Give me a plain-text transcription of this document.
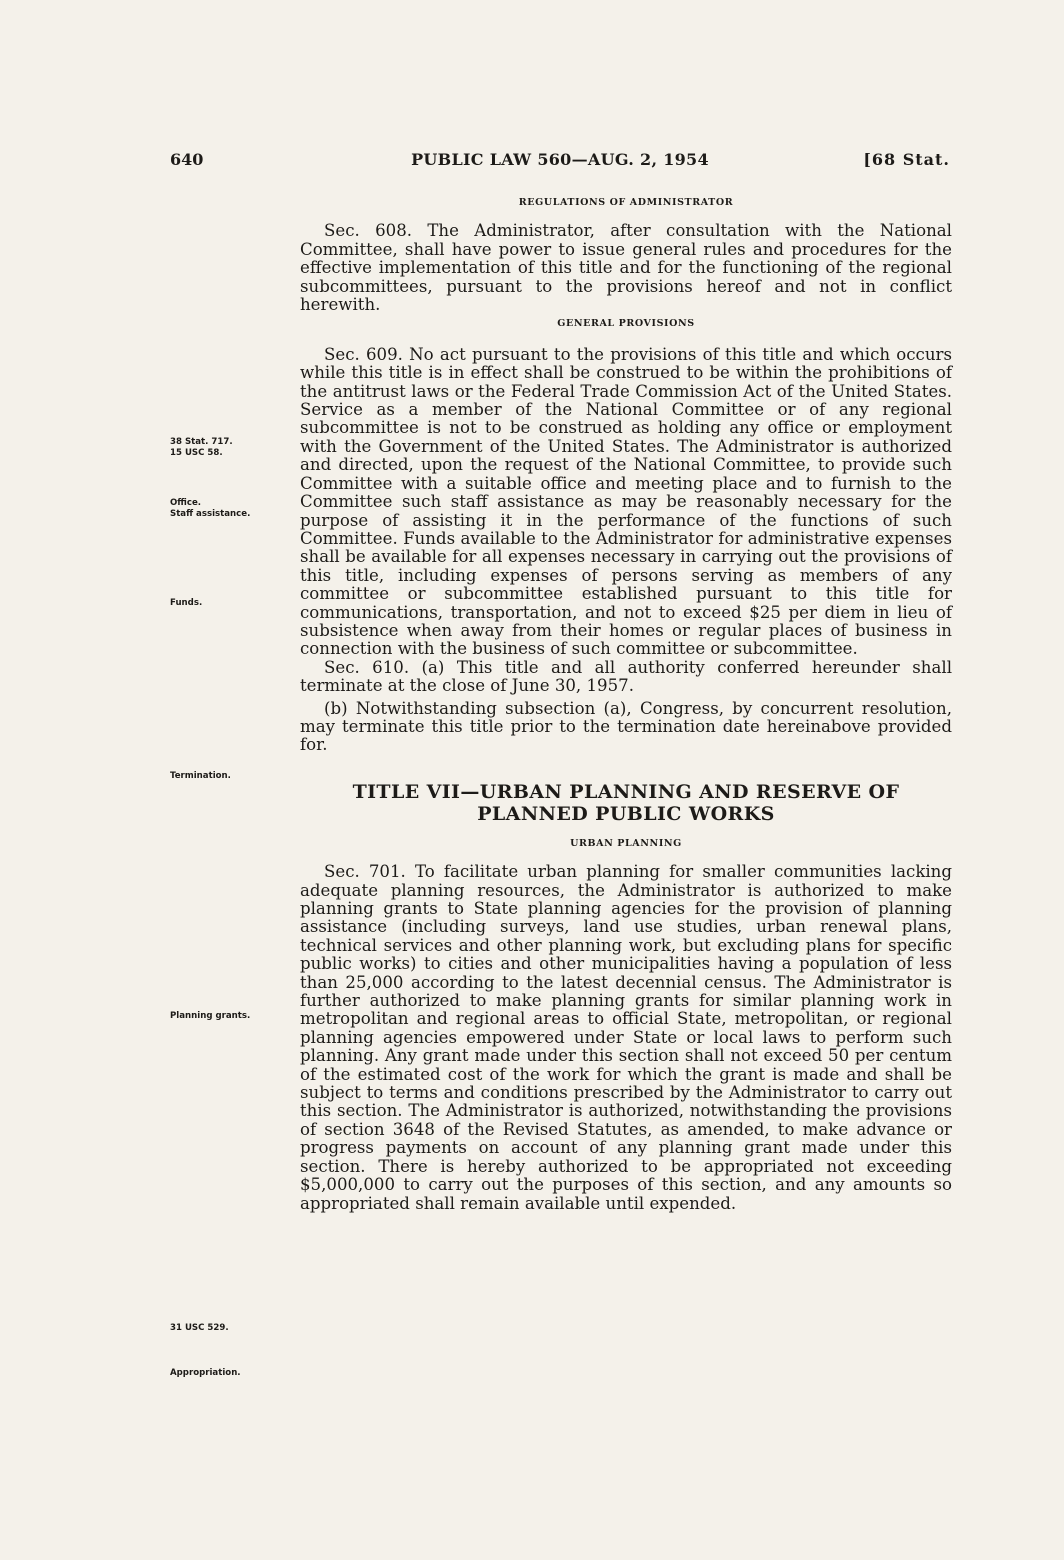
640	PUBLIC LAW 560—AUG. 2, 1954	[68 Stat.
38 Stat. 717.
15 USC 58.
Office.
Staff assistance.
Funds.
Termination.
Planning grants.
31 USC 529.
Appropriation.
REGULATIONS OF ADMINISTRATOR

Sec. 608. The Administrator, after consultation with the National Committee, shall have power to issue general rules and procedures for the effective implementation of this title and for the functioning of the regional subcommittees, pursuant to the provisions hereof and not in conflict herewith.

GENERAL PROVISIONS

Sec. 609. No act pursuant to the provisions of this title and which occurs while this title is in effect shall be construed to be within the prohibitions of the antitrust laws or the Federal Trade Commission Act of the United States. Service as a member of the National Committee or of any regional subcommittee is not to be construed as holding any office or employment with the Government of the United States. The Administrator is authorized and directed, upon the request of the National Committee, to provide such Committee with a suitable office and meeting place and to furnish to the Committee such staff assistance as may be reasonably necessary for the purpose of assisting it in the performance of the functions of such Committee. Funds available to the Administrator for administrative expenses shall be available for all expenses necessary in carrying out the provisions of this title, including expenses of persons serving as members of any committee or subcommittee established pursuant to this title for communications, transportation, and not to exceed $25 per diem in lieu of subsistence when away from their homes or regular places of business in connection with the business of such committee or subcommittee.

Sec. 610. (a) This title and all authority conferred hereunder shall terminate at the close of June 30, 1957.

(b) Notwithstanding subsection (a), Congress, by concurrent resolution, may terminate this title prior to the termination date hereinabove provided for.

TITLE VII—URBAN PLANNING AND RESERVE OF PLANNED PUBLIC WORKS
URBAN PLANNING

Sec. 701. To facilitate urban planning for smaller communities lacking adequate planning resources, the Administrator is authorized to make planning grants to State planning agencies for the provision of planning assistance (including surveys, land use studies, urban renewal plans, technical services and other planning work, but excluding plans for specific public works) to cities and other municipalities having a population of less than 25,000 according to the latest decennial census. The Administrator is further authorized to make planning grants for similar planning work in metropolitan and regional areas to official State, metropolitan, or regional planning agencies empowered under State or local laws to perform such planning. Any grant made under this section shall not exceed 50 per centum of the estimated cost of the work for which the grant is made and shall be subject to terms and conditions prescribed by the Administrator to carry out this section. The Administrator is authorized, notwithstanding the provisions of section 3648 of the Revised Statutes, as amended, to make advance or progress payments on account of any planning grant made under this section. There is hereby authorized to be appropriated not exceeding $5,000,000 to carry out the purposes of this section, and any amounts so appropriated shall remain available until expended.
